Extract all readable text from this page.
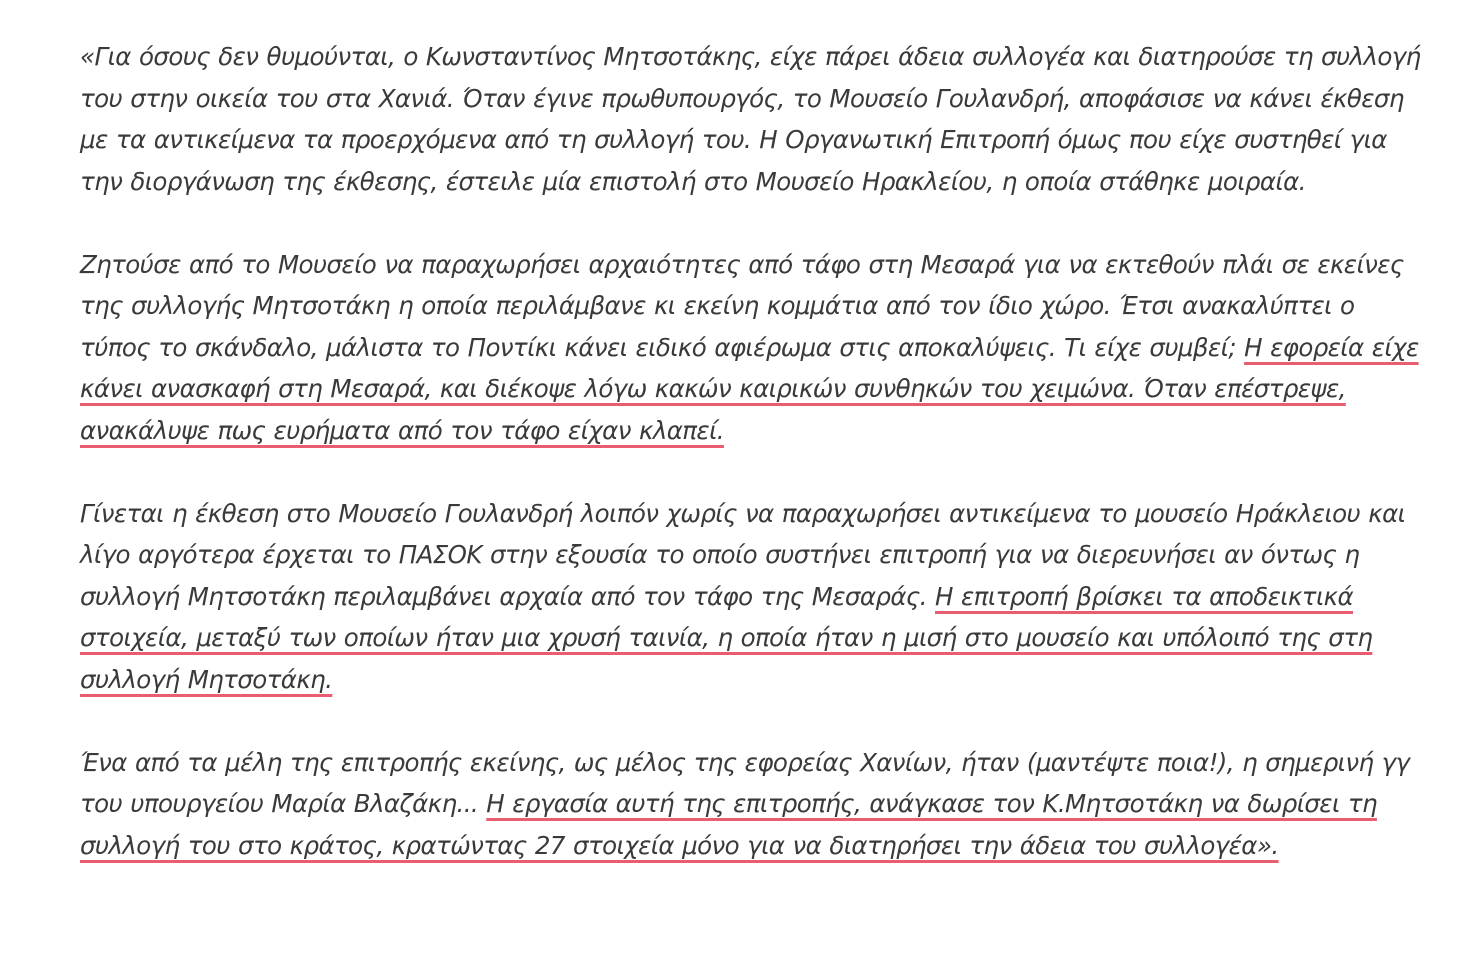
«Για όσους δεν θυμούνται, ο Κωνσταντίνος Μητσοτάκης, είχε πάρει άδεια συλλογέα και διατηρούσε τη συλλογή του στην οικεία του στα Χανιά. Όταν έγινε πρωθυπουργός, το Μουσείο Γουλανδρή, αποφάσισε να κάνει έκθεση με τα αντικείμενα τα προερχόμενα από τη συλλογή του. Η Οργανωτική Επιτροπή όμως που είχε συστηθεί για την διοργάνωση της έκθεσης, έστειλε μία επιστολή στο Μουσείο Ηρακλείου, η οποία στάθηκε μοιραία.

Ζητούσε από το Μουσείο να παραχωρήσει αρχαιότητες από τάφο στη Μεσαρά για να εκτεθούν πλάι σε εκείνες της συλλογής Μητσοτάκη η οποία περιλάμβανε κι εκείνη κομμάτια από τον ίδιο χώρο. Έτσι ανακαλύπτει ο τύπος το σκάνδαλο, μάλιστα το Ποντίκι κάνει ειδικό αφιέρωμα στις αποκαλύψεις. Τι είχε συμβεί; Η εφορεία είχε κάνει ανασκαφή στη Μεσαρά, και διέκοψε λόγω κακών καιρικών συνθηκών του χειμώνα. Όταν επέστρεψε, ανακάλυψε πως ευρήματα από τον τάφο είχαν κλαπεί.

Γίνεται η έκθεση στο Μουσείο Γουλανδρή λοιπόν χωρίς να παραχωρήσει αντικείμενα το μουσείο Ηράκλειου και λίγο αργότερα έρχεται το ΠΑΣΟΚ στην εξουσία το οποίο συστήνει επιτροπή για να διερευνήσει αν όντως η συλλογή Μητσοτάκη περιλαμβάνει αρχαία από τον τάφο της Μεσαράς. Η επιτροπή βρίσκει τα αποδεικτικά στοιχεία, μεταξύ των οποίων ήταν μια χρυσή ταινία, η οποία ήταν η μισή στο μουσείο και υπόλοιπό της στη συλλογή Μητσοτάκη.

Ένα από τα μέλη της επιτροπής εκείνης, ως μέλος της εφορείας Χανίων, ήταν (μαντέψτε ποια!), η σημερινή γγ του υπουργείου Μαρία Βλαζάκη... Η εργασία αυτή της επιτροπής, ανάγκασε τον Κ.Μητσοτάκη να δωρίσει τη συλλογή του στο κράτος, κρατώντας 27 στοιχεία μόνο για να διατηρήσει την άδεια του συλλογέα».
